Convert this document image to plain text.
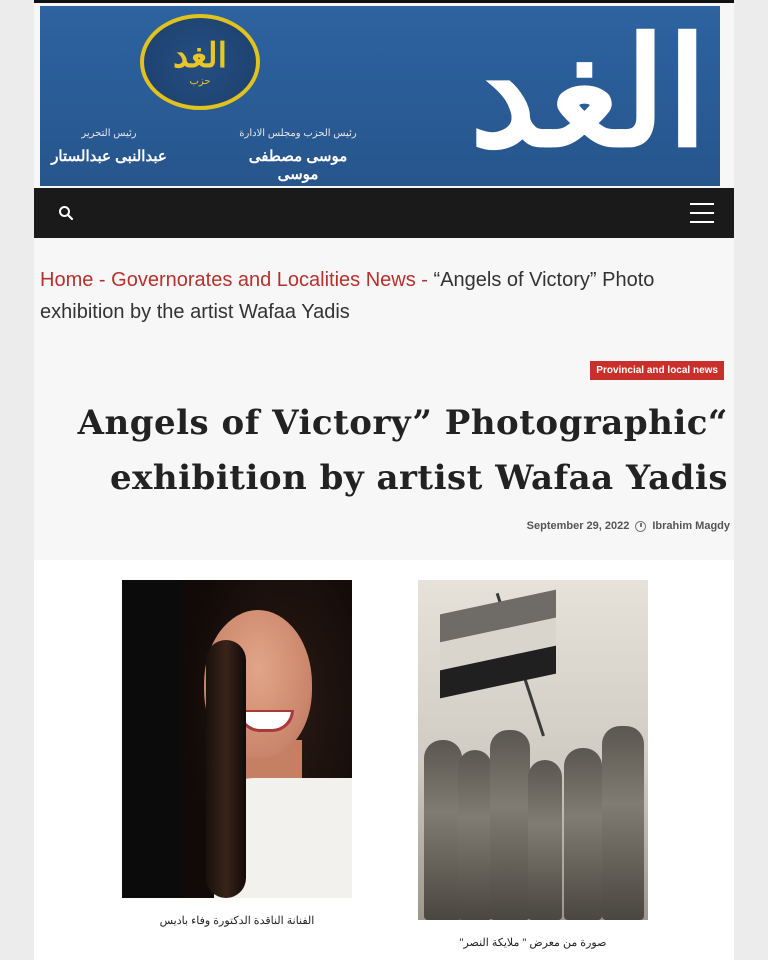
الغد
الغد
حزب
رئيس الحزب ومجلس الادارة
موسى مصطفى موسى
رئيس التحرير
عبدالنبى عبدالستار
Home - Governorates and Localities News - “Angels of Victory” Photo exhibition by the artist Wafaa Yadis
Provincial and local news
Angels of Victory” Photographic“
exhibition by artist Wafaa Yadis
September 29, 2022 Ibrahim Magdy
الفنانة الناقدة الدكتورة وفاء باديس
صورة من معرض " ملايكة النصر"
